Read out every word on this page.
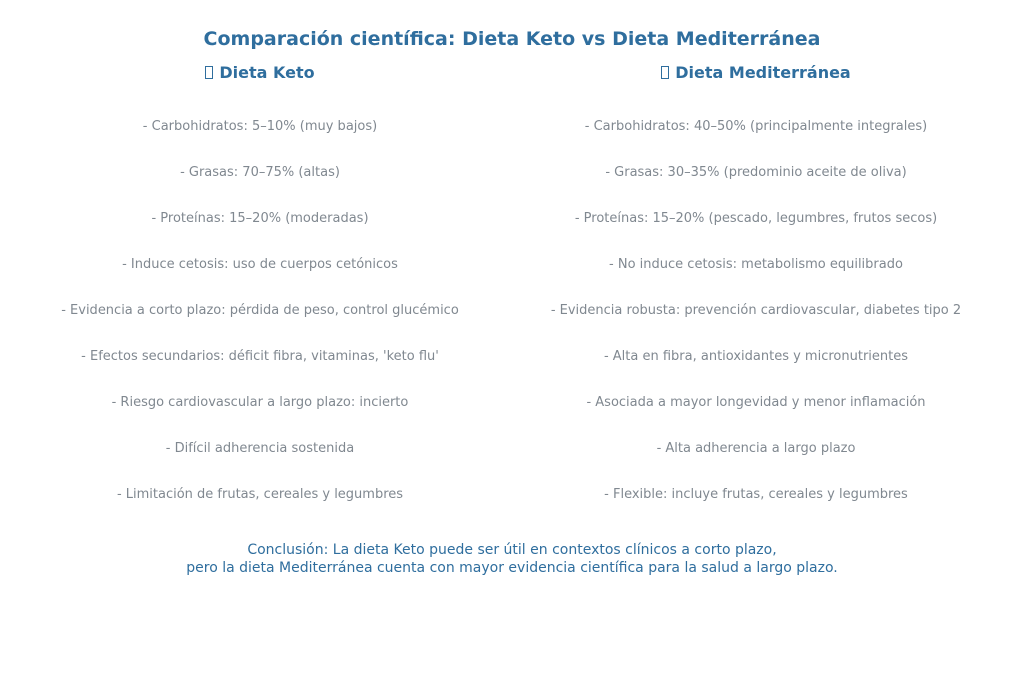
Comparación científica: Dieta Keto vs Dieta Mediterránea
Dieta Keto
- Carbohidratos: 5–10% (muy bajos)
- Grasas: 70–75% (altas)
- Proteínas: 15–20% (moderadas)
- Induce cetosis: uso de cuerpos cetónicos
- Evidencia a corto plazo: pérdida de peso, control glucémico
- Efectos secundarios: déficit fibra, vitaminas, 'keto flu'
- Riesgo cardiovascular a largo plazo: incierto
- Difícil adherencia sostenida
- Limitación de frutas, cereales y legumbres
Dieta Mediterránea
- Carbohidratos: 40–50% (principalmente integrales)
- Grasas: 30–35% (predominio aceite de oliva)
- Proteínas: 15–20% (pescado, legumbres, frutos secos)
- No induce cetosis: metabolismo equilibrado
- Evidencia robusta: prevención cardiovascular, diabetes tipo 2
- Alta en fibra, antioxidantes y micronutrientes
- Asociada a mayor longevidad y menor inflamación
- Alta adherencia a largo plazo
- Flexible: incluye frutas, cereales y legumbres
Conclusión: La dieta Keto puede ser útil en contextos clínicos a corto plazo,
pero la dieta Mediterránea cuenta con mayor evidencia científica para la salud a largo plazo.
